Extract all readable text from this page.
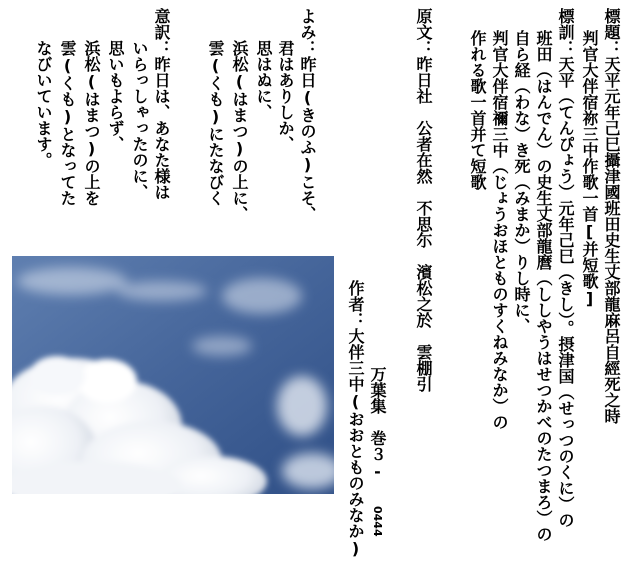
標題：天平元年己巳攝津國班田史生丈部龍麻呂自經死之時
判官大伴宿祢三中作歌一首[并短歌]
標訓：天平（てんぴょう）元年己巳（きし）。摂津国（せっつのくに）の
班田（はんでん）の史生丈部龍麿（ししやうはせつかべのたつまろ）の
自ら経（わな）き死（みまか）りし時に、
判官大伴宿禰三中（じょうおほとものすくねみなか）の
作れる歌一首并て短歌
原文：昨日社　公者在然　不思尓　濱松之於　雲棚引
万葉集　巻３‐
0444
作者：大伴三中(おおとものみなか)
よみ：昨日(きのふ)こそ、
君はありしか、
思はぬに、
浜松(はまつ)の上に、
雲(くも)にたなびく
意訳：昨日は、あなた様は
いらっしゃったのに、
思いもよらず、
浜松(はまつ)の上を
雲(くも)となってた
なびいています。
